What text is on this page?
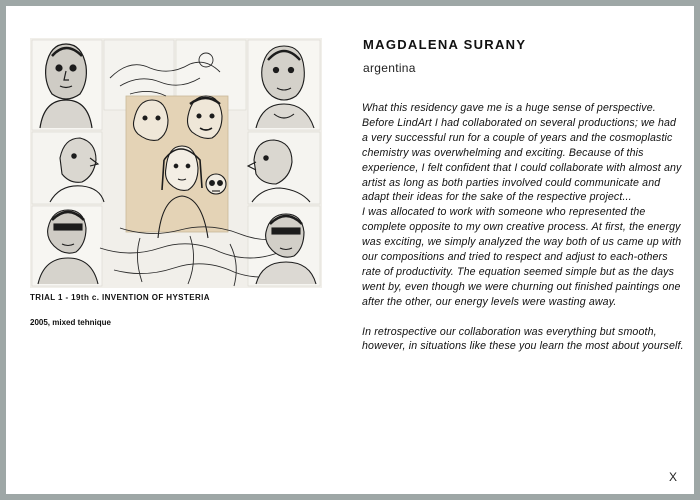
TRIAL 1 - 19th c. INVENTION OF HYSTERIA
2005, mixed tehnique
MAGDALENA SURANY
argentina

What this residency gave me is a huge sense of perspective. Before LindArt I had collaborated on several productions; we had a very successful run for a couple of years and the cosmoplastic chemistry was overwhelming and exciting. Because of this experience, I felt confident that I could collaborate with almost any artist as long as both parties involved could communicate and adapt their ideas for the sake of the respective project...

I was allocated to work with someone who represented the complete opposite to my own creative process. At first, the energy was exciting, we simply analyzed the way both of us came up with our compositions and tried to respect and adjust to each-others rate of productivity. The equation seemed simple but as the days went by, even though we were churning out finished paintings one after the other, our energy levels were wasting away.

In retrospective our collaboration was everything but smooth, however, in situations like these you learn the most about yourself.

X
